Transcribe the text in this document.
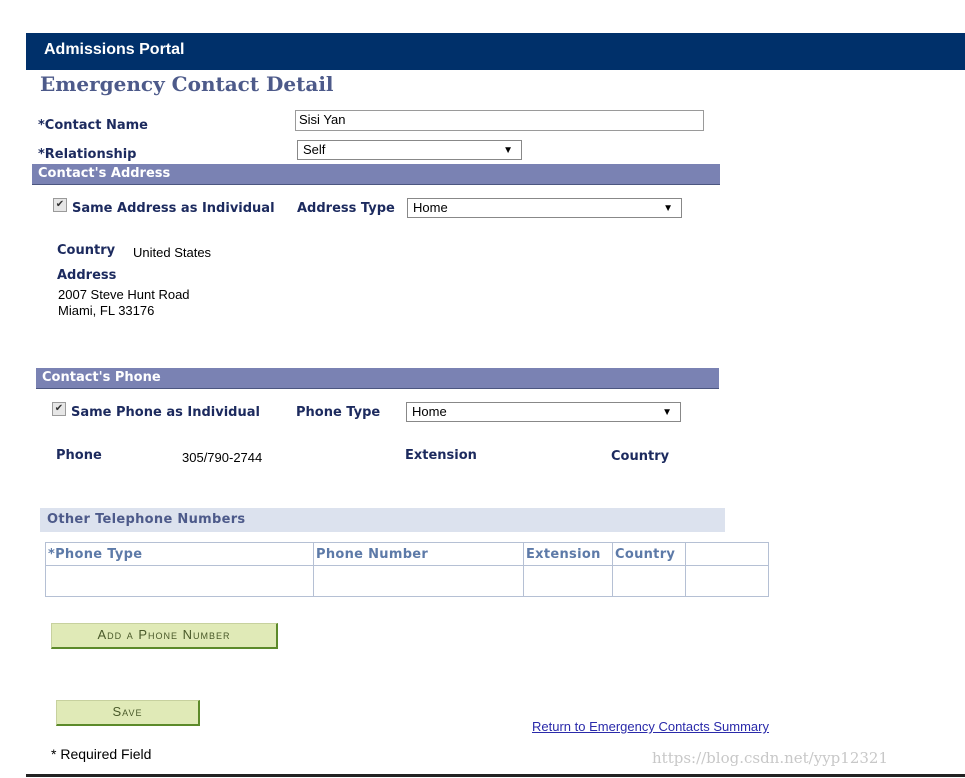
Admissions Portal
Emergency Contact Detail
*Contact Name	Sisi Yan
*Relationship	Self	▼
Contact's Address
✔ Same Address as Individual Address Type	Home	▼
Country United States
Address
2007 Steve Hunt Road
Miami, FL 33176
Contact's Phone
✔ Same Phone as Individual	Phone Type	Home	▼
Phone	305/790-2744	Extension	Country
Other Telephone Numbers
*Phone Type	Phone Number	Extension	Country	

Add a Phone Number
Save
Return to Emergency Contacts Summary
* Required Field	https://blog.csdn.net/yyp12321
